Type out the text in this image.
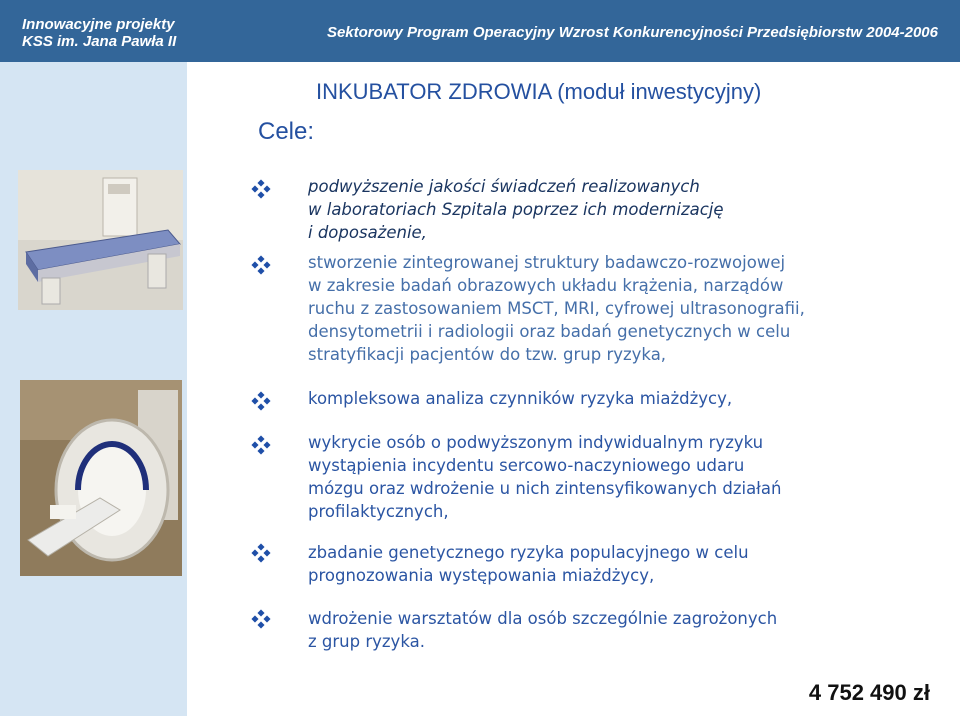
Innowacyjne projekty
KSS im. Jana Pawła II
Sektorowy Program Operacyjny Wzrost Konkurencyjności Przedsiębiorstw 2004-2006
INKUBATOR ZDROWIA (moduł inwestycyjny)
Cele:
podwyższenie jakości świadczeń realizowanych
w laboratoriach Szpitala poprzez ich modernizację
i doposażenie,
stworzenie zintegrowanej struktury badawczo-rozwojowej
w zakresie badań obrazowych układu krążenia, narządów
ruchu z zastosowaniem MSCT, MRI, cyfrowej ultrasonografii,
densytometrii i radiologii oraz badań genetycznych w celu
stratyfikacji pacjentów do tzw. grup ryzyka,
kompleksowa analiza czynników ryzyka miażdżycy,
wykrycie osób o podwyższonym indywidualnym ryzyku
wystąpienia incydentu sercowo-naczyniowego udaru
mózgu oraz wdrożenie u nich zintensyfikowanych działań
profilaktycznych,
zbadanie genetycznego ryzyka populacyjnego w celu
prognozowania występowania miażdżycy,
wdrożenie warsztatów dla osób szczególnie zagrożonych
z grup ryzyka.
4 752 490 zł
